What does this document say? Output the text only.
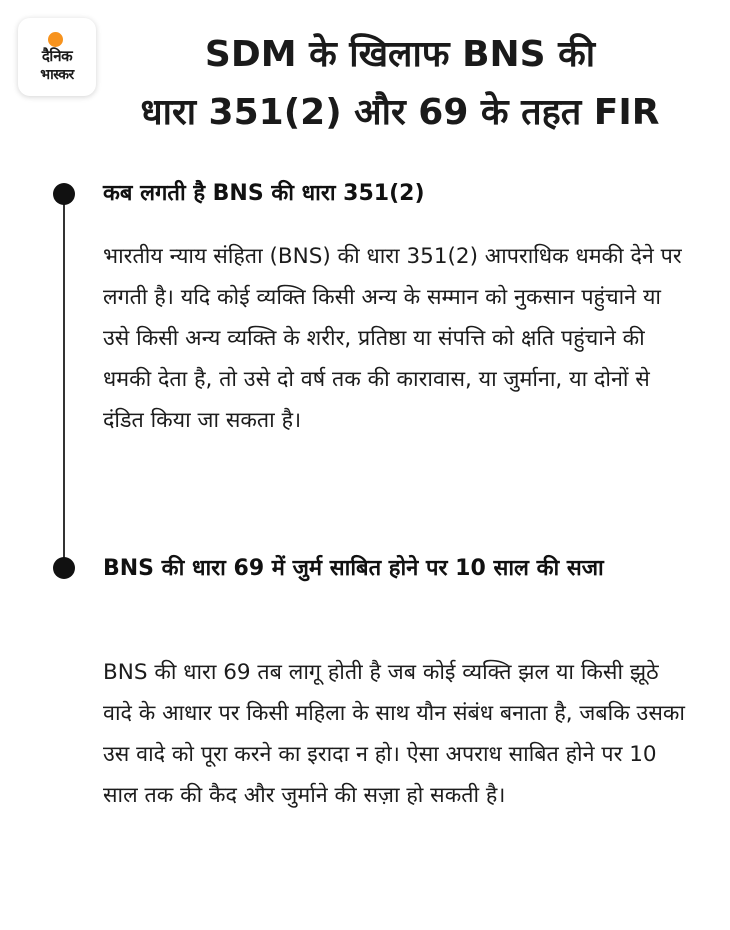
दैनिक
भास्कर	SDM के खिलाफ BNS की
धारा 351(2) और 69 के तहत FIR
कब लगती है BNS की धारा 351(2)
भारतीय न्याय संहिता (BNS) की धारा 351(2) आपराधिक धमकी देने पर लगती है। यदि कोई व्यक्ति किसी अन्य के सम्मान को नुकसान पहुंचाने या उसे किसी अन्य व्यक्ति के शरीर, प्रतिष्ठा या संपत्ति को क्षति पहुंचाने की धमकी देता है, तो उसे दो वर्ष तक की कारावास, या जुर्माना, या दोनों से दंडित किया जा सकता है।
BNS की धारा 69 में जुर्म साबित होने पर 10 साल की सजा
BNS की धारा 69 तब लागू होती है जब कोई व्यक्ति झल या किसी झूठे वादे के आधार पर किसी महिला के साथ यौन संबंध बनाता है, जबकि उसका उस वादे को पूरा करने का इरादा न हो। ऐसा अपराध साबित होने पर 10 साल तक की कैद और जुर्माने की सज़ा हो सकती है।
